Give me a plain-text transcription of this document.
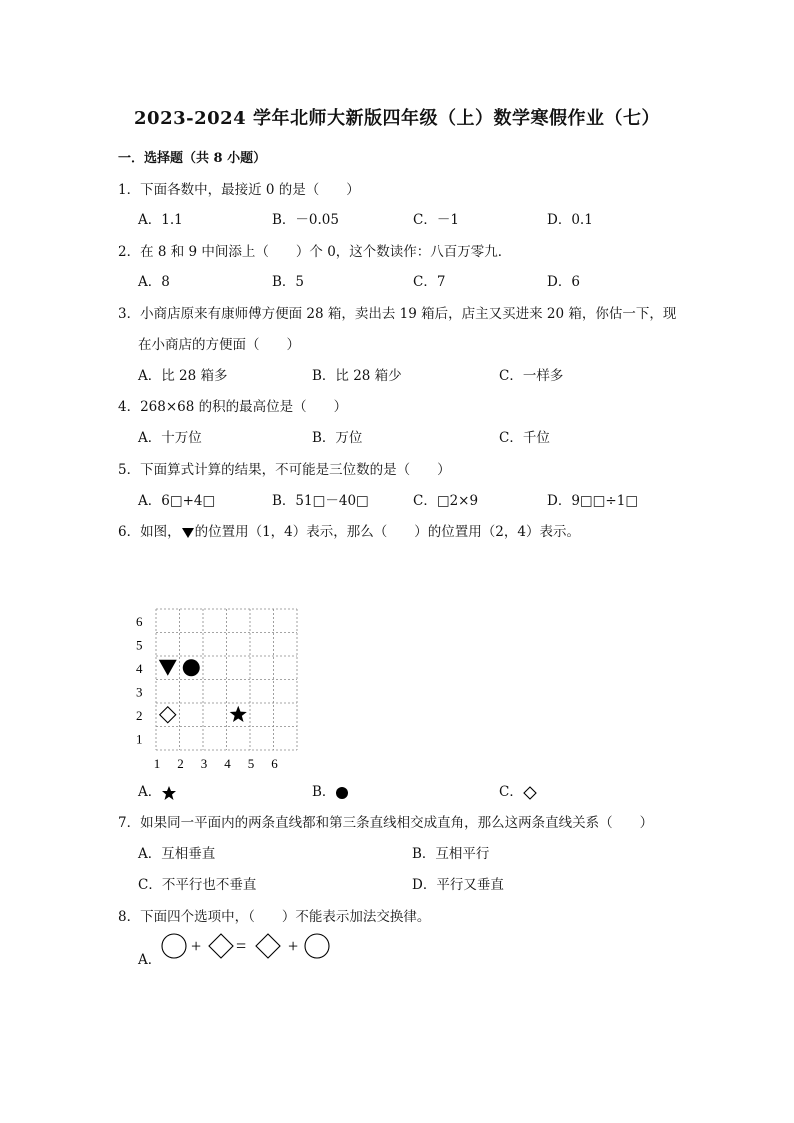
2023-2024 学年北师大新版四年级（上）数学寒假作业（七）
一．选择题（共 8 小题）
1．下面各数中，最接近 0 的是（　　）
A．1.1	B．－0.05	C．－1	D．0.1
2．在 8 和 9 中间添上（　　）个 0，这个数读作：八百万零九．
A．8	B．5	C．7	D．6
3．小商店原来有康师傅方便面 28 箱，卖出去 19 箱后，店主又买进来 20 箱，你估一下，现
在小商店的方便面（　　）
A．比 28 箱多	B．比 28 箱少	C．一样多
4．268×68 的积的最高位是（　　）
A．十万位	B．万位	C．千位
5．下面算式计算的结果，不可能是三位数的是（　　）
A．6□+4□	B．51□－40□	C．□2×9	D．9□□÷1□
6．如图， 的位置用（1，4）表示，那么（　　）的位置用（2，4）表示。
6
5
4
3
2
1
1 2 3 4 5 6
A．	B．	C．
7．如果同一平面内的两条直线都和第三条直线相交成直角，那么这两条直线关系（　　）
A．互相垂直	B．互相平行
C．不平行也不垂直	D．平行又垂直
8．下面四个选项中，（　　）不能表示加法交换律。
A．
+ = +
